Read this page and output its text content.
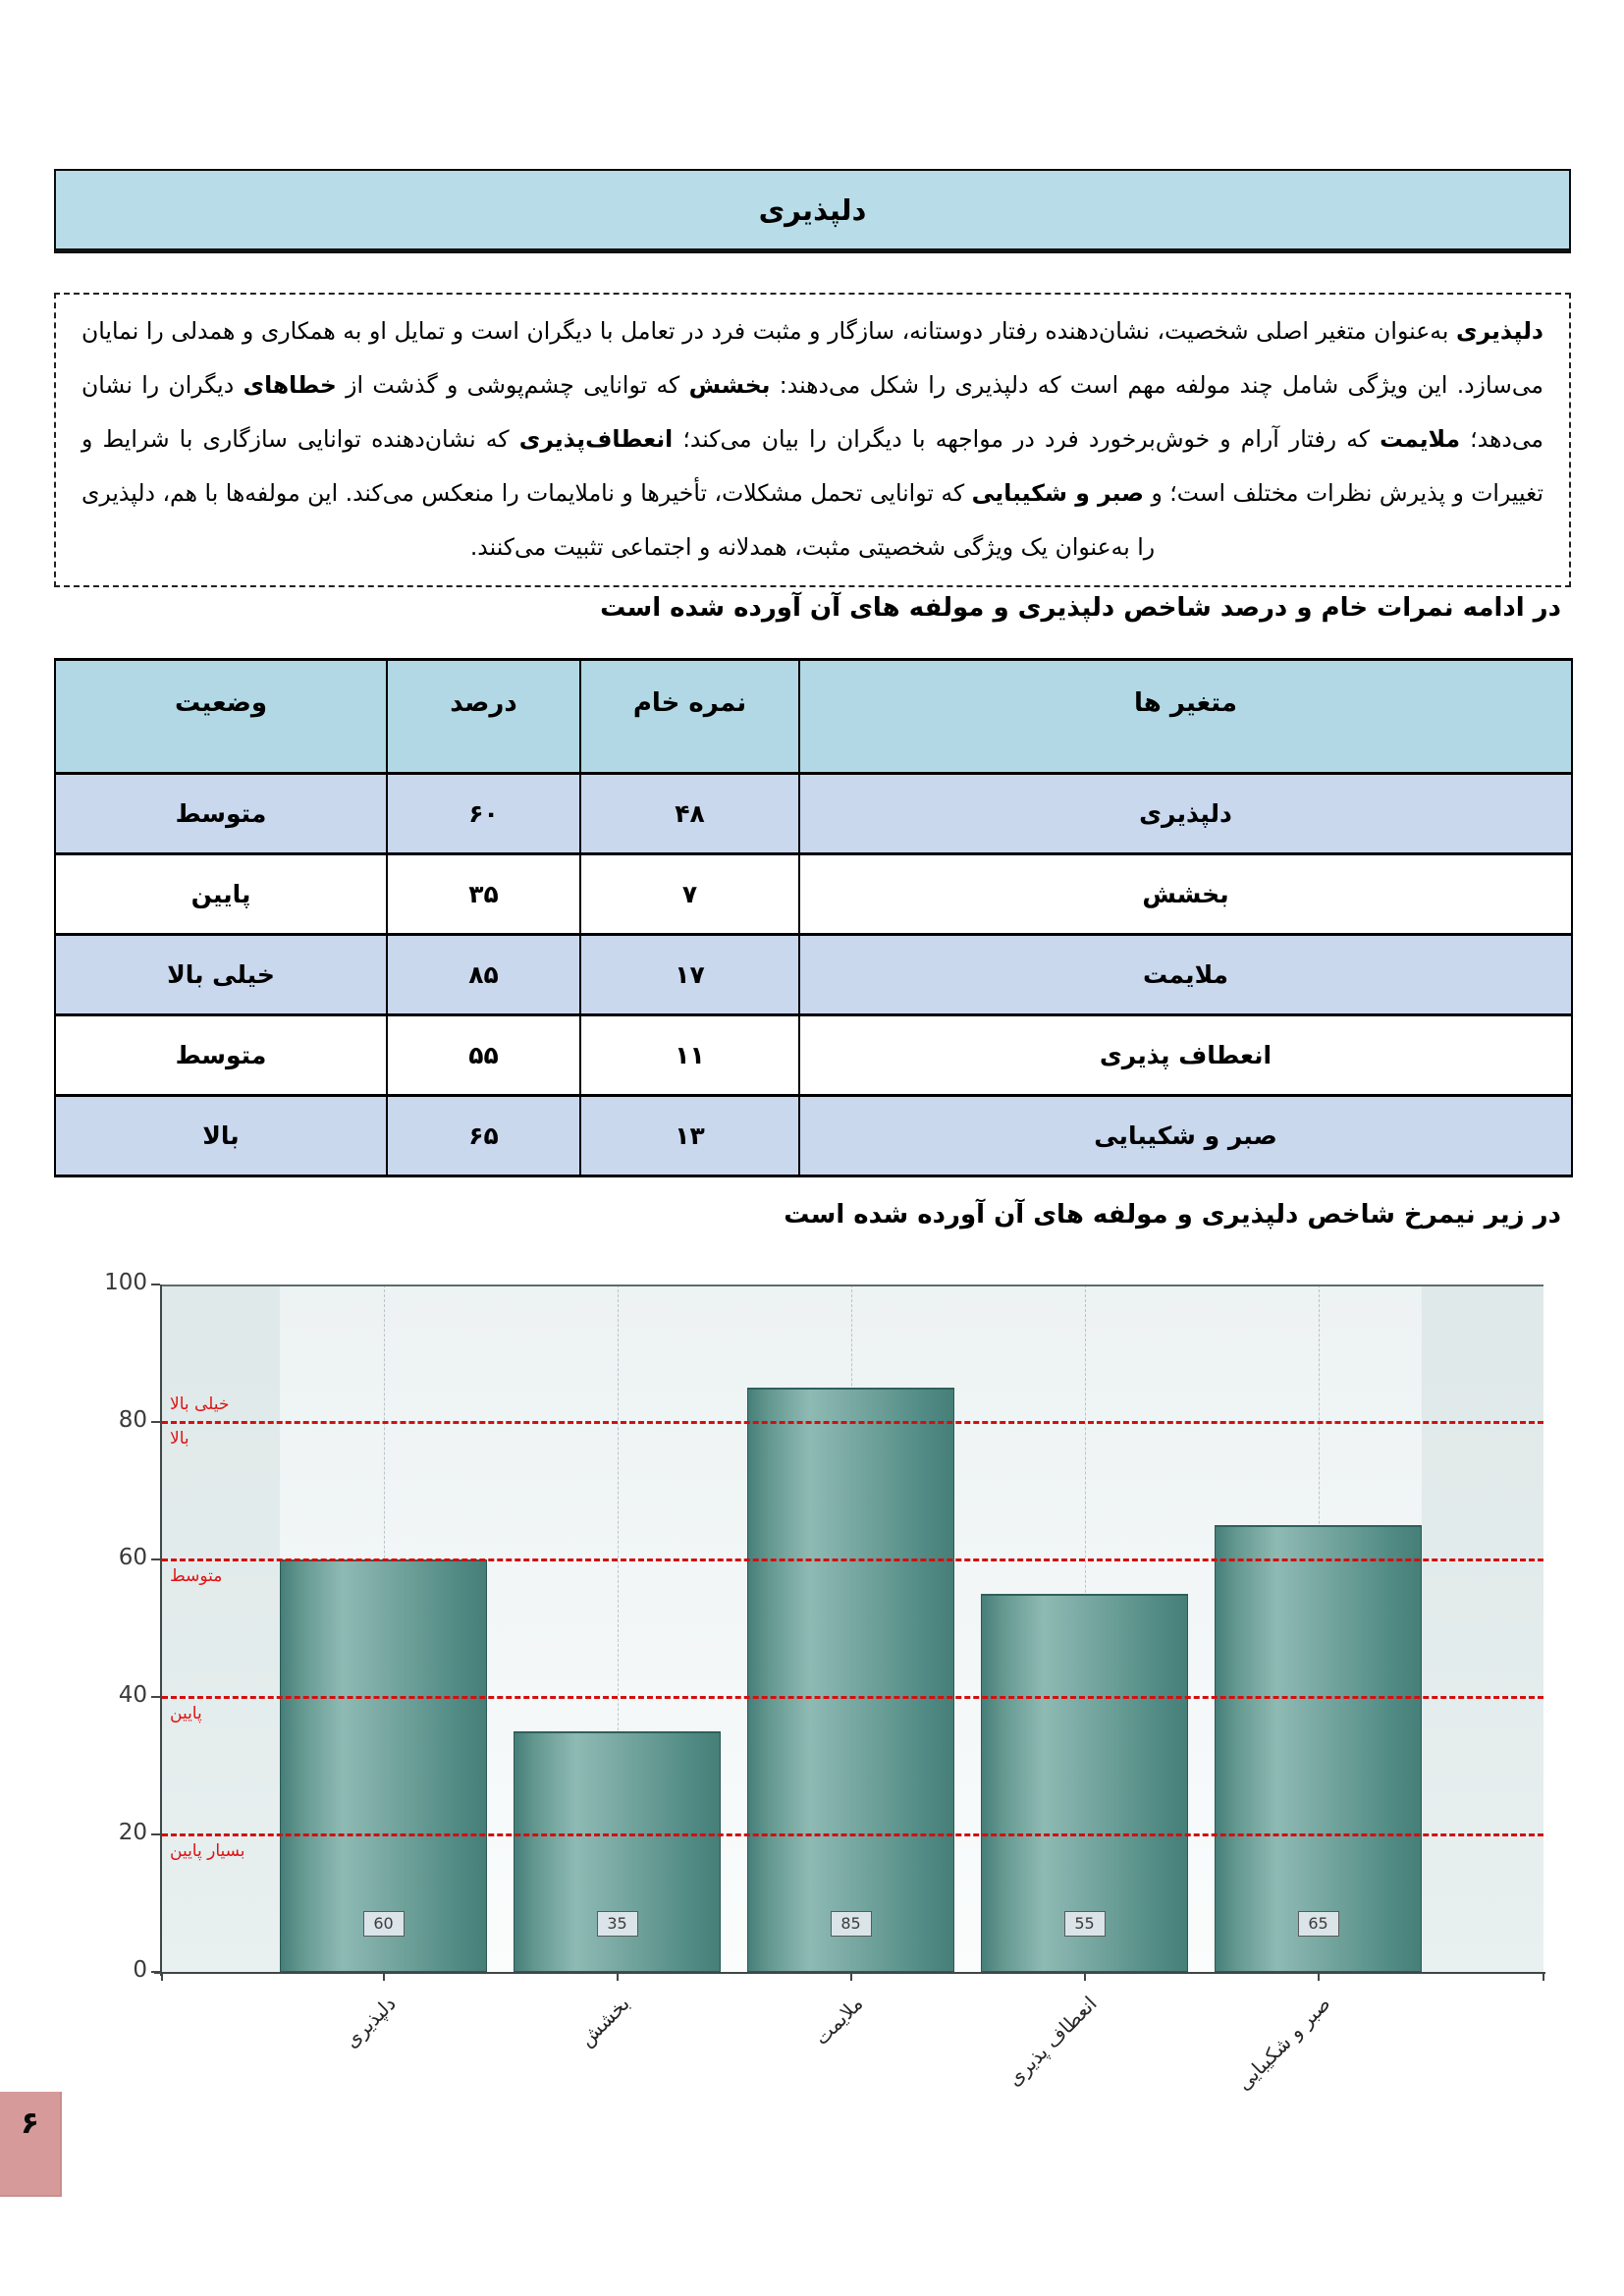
دلپذیری
دلپذیری به‌عنوان متغیر اصلی شخصیت، نشان‌دهنده رفتار دوستانه، سازگار و مثبت فرد در تعامل با دیگران است و تمایل او به همکاری و همدلی را نمایان می‌سازد. این ویژگی شامل چند مولفه مهم است که دلپذیری را شکل می‌دهند: بخشش که توانایی چشم‌پوشی و گذشت از خطاهای دیگران را نشان می‌دهد؛ ملایمت که رفتار آرام و خوش‌برخورد فرد در مواجهه با دیگران را بیان می‌کند؛ انعطاف‌پذیری که نشان‌دهنده توانایی سازگاری با شرایط و تغییرات و پذیرش نظرات مختلف است؛ و صبر و شکیبایی که توانایی تحمل مشکلات، تأخیرها و ناملایمات را منعکس می‌کند. این مولفه‌ها با هم، دلپذیری را به‌عنوان یک ویژگی شخصیتی مثبت، همدلانه و اجتماعی تثبیت می‌کنند.
در ادامه نمرات خام و درصد شاخص دلپذیری و مولفه های آن آورده شده است
متغیر ها	نمره خام	درصد	وضعیت
دلپذیری	۴۸	۶۰	متوسط
بخشش	۷	۳۵	پایین
ملایمت	۱۷	۸۵	خیلی بالا
انعطاف پذیری	۱۱	۵۵	متوسط
صبر و شکیبایی	۱۳	۶۵	بالا
در زیر نیمرخ شاخص دلپذیری و مولفه های آن آورده شده است
خیلی بالا
بالا
متوسط
پایین
بسیار پایین
0
20
40
60
80
100
دلپذیری	بخشش	ملایمت	انعطاف پذیری	صبر و شکیبایی
60	35	85	55	65
۶
